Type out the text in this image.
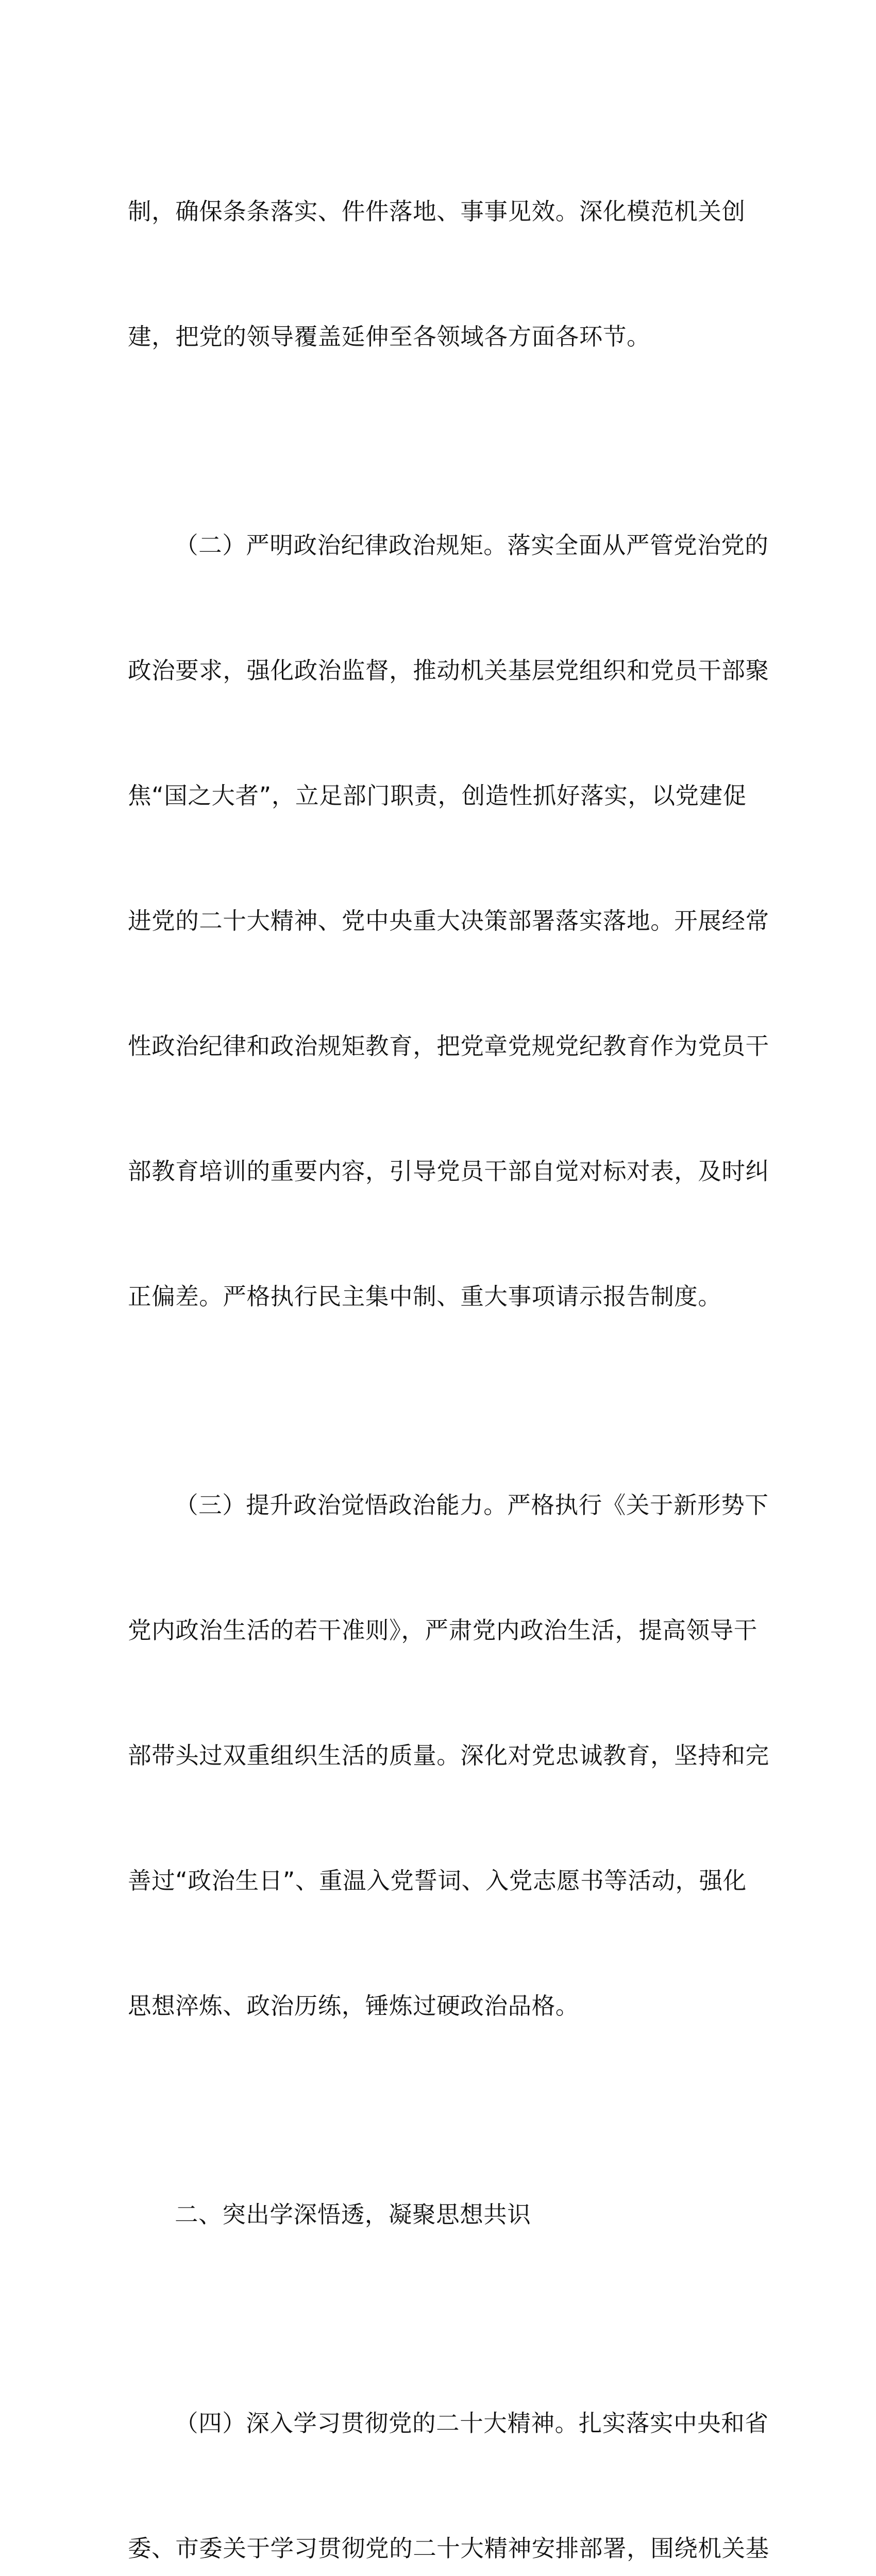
制，确保条条落实、件件落地、事事见效。深化模范机关创

建，把党的领导覆盖延伸至各领域各方面各环节。

（二）严明政治纪律政治规矩。落实全面从严管党治党的

政治要求，强化政治监督，推动机关基层党组织和党员干部聚

焦“国之大者”，立足部门职责，创造性抓好落实，以党建促

进党的二十大精神、党中央重大决策部署落实落地。开展经常

性政治纪律和政治规矩教育，把党章党规党纪教育作为党员干

部教育培训的重要内容，引导党员干部自觉对标对表，及时纠

正偏差。严格执行民主集中制、重大事项请示报告制度。

（三）提升政治觉悟政治能力。严格执行《关于新形势下

党内政治生活的若干准则》，严肃党内政治生活，提高领导干

部带头过双重组织生活的质量。深化对党忠诚教育，坚持和完

善过“政治生日”、重温入党誓词、入党志愿书等活动，强化

思想淬炼、政治历练，锤炼过硬政治品格。

二、突出学深悟透，凝聚思想共识

（四）深入学习贯彻党的二十大精神。扎实落实中央和省

委、市委关于学习贯彻党的二十大精神安排部署，围绕机关基
